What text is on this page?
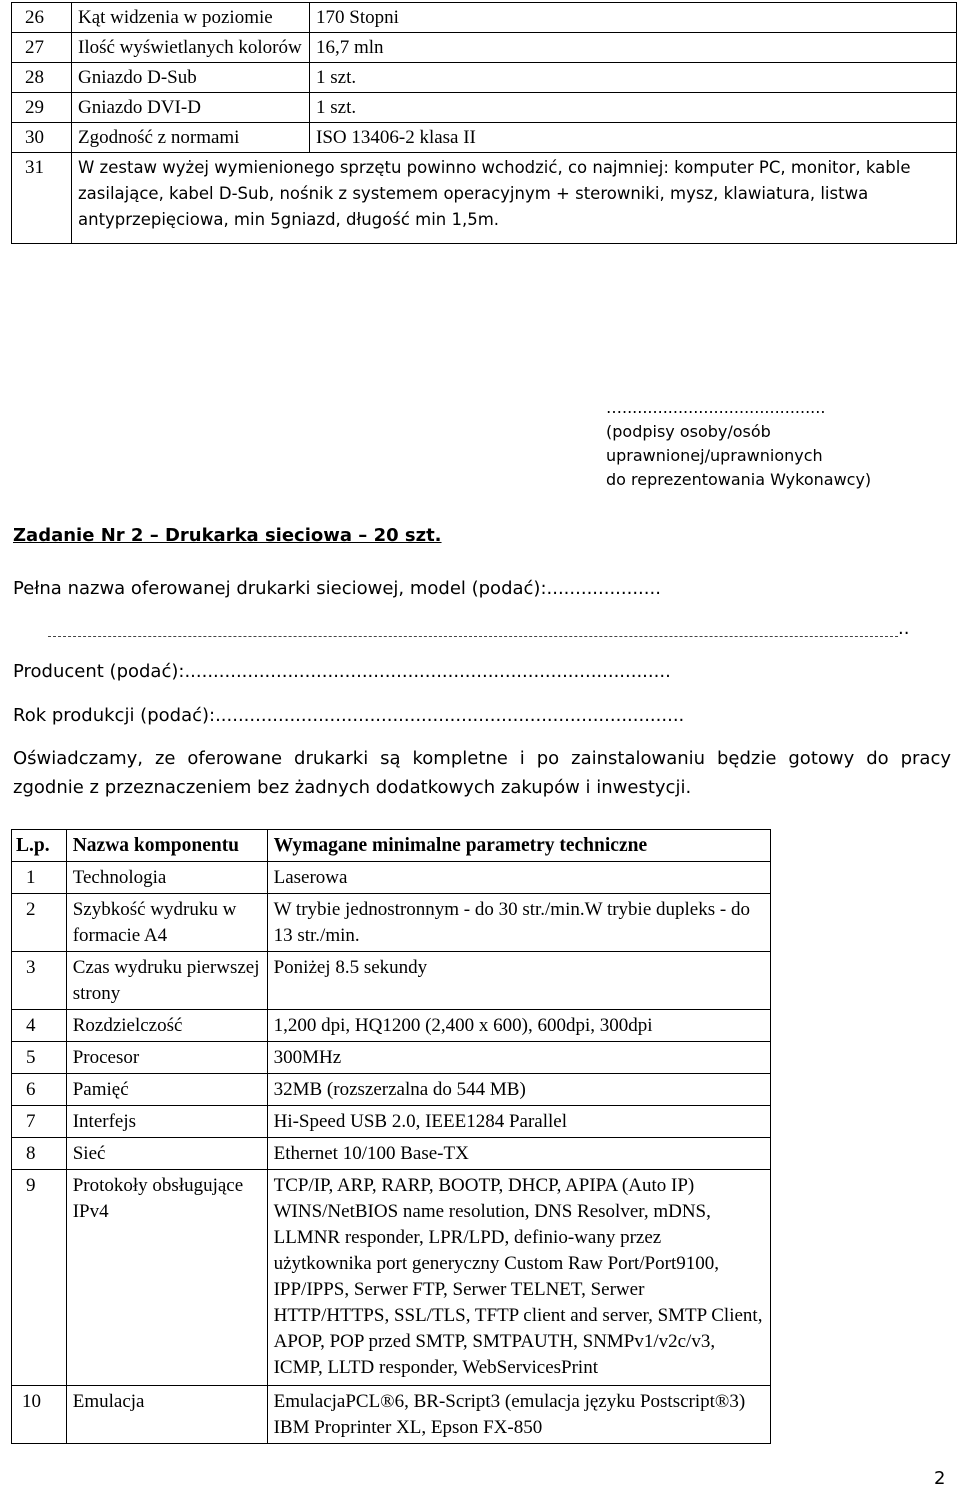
26	Kąt widzenia w poziomie	170 Stopni	
27	Ilość wyświetlanych kolorów	16,7 mln	
28	Gniazdo D-Sub	1 szt.	
29	Gniazdo DVI-D	1 szt.	
30	Zgodność z normami	ISO 13406-2 klasa II	
31	W zestaw wyżej wymienionego sprzętu powinno wchodzić, co najmniej: komputer PC, monitor, kable zasilające, kabel D-Sub, nośnik z systemem operacyjnym + sterowniki, mysz, klawiatura, listwa antyprzepięciowa, min 5gniazd, długość min 1,5m.		
…........................................
(podpisy osoby/osób uprawnionej/uprawnionych
do reprezentowania Wykonawcy)
Zadanie Nr 2 – Drukarka sieciowa – 20 szt.
Pełna nazwa oferowanej drukarki sieciowej, model (podać):....................
..
Producent (podać):.....................................................................................
Rok produkcji (podać):..................................................................................
Oświadczamy, ze oferowane drukarki są kompletne i po zainstalowaniu będzie gotowy do pracy zgodnie z przeznaczeniem bez żadnych dodatkowych zakupów i inwestycji.
L.p.	Nazwa komponentu	Wymagane minimalne parametry techniczne
1	Technologia	Laserowa
2	Szybkość wydruku w formacie A4	W trybie jednostronnym - do 30 str./min.W trybie dupleks - do 13 str./min.
3	Czas wydruku pierwszej strony	Poniżej 8.5 sekundy
4	Rozdzielczość	1,200 dpi, HQ1200 (2,400 x 600), 600dpi, 300dpi
5	Procesor	300MHz
6	Pamięć	32MB (rozszerzalna do 544 MB)
7	Interfejs	Hi-Speed USB 2.0, IEEE1284 Parallel
8	Sieć	Ethernet 10/100 Base-TX
9	Protokoły obsługujące IPv4	TCP/IP, ARP, RARP, BOOTP, DHCP, APIPA (Auto IP) WINS/NetBIOS name resolution, DNS Resolver, mDNS, LLMNR responder, LPR/LPD, definio-wany przez użytkownika port generyczny Custom Raw Port/Port9100, IPP/IPPS, Serwer FTP, Serwer TELNET, Serwer HTTP/HTTPS, SSL/TLS, TFTP client and server, SMTP Client, APOP, POP przed SMTP, SMTPAUTH, SNMPv1/v2c/v3, ICMP, LLTD responder, WebServicesPrint
10	Emulacja	EmulacjaPCL®6, BR-Script3 (emulacja języku Postscript®3) IBM Proprinter XL, Epson FX-850
2
